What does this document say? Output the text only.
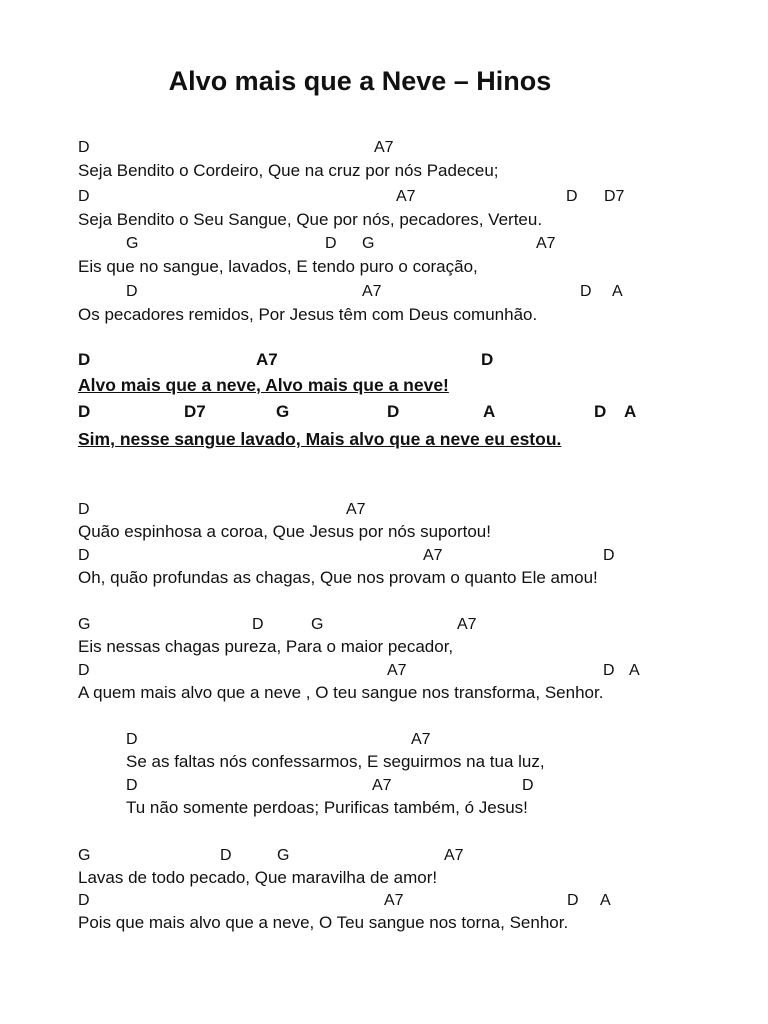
Alvo mais que a Neve – Hinos
D	A7
Seja Bendito o Cordeiro, Que na cruz por nós Padeceu;
D	A7	D D7
Seja Bendito o Seu Sangue, Que por nós, pecadores, Verteu.
G	D G	A7
Eis que no sangue, lavados, E tendo puro o coração,
D	A7	D A
Os pecadores remidos, Por Jesus têm com Deus comunhão.
D	A7	D
Alvo mais que a neve, Alvo mais que a neve!
D	D7	G	D	A	D A
Sim, nesse sangue lavado, Mais alvo que a neve eu estou.
D	A7
Quão espinhosa a coroa, Que Jesus por nós suportou!
D	A7	D
Oh, quão profundas as chagas, Que nos provam o quanto Ele amou!
G	D	G	A7
Eis nessas chagas pureza, Para o maior pecador,
D	A7	D A
A quem mais alvo que a neve , O teu sangue nos transforma, Senhor.
D	A7
Se as faltas nós confessarmos, E seguirmos na tua luz,
D	A7	D
Tu não somente perdoas; Purificas também, ó Jesus!
G	D	G	A7
Lavas de todo pecado, Que maravilha de amor!
D	A7	D A
Pois que mais alvo que a neve, O Teu sangue nos torna, Senhor.
